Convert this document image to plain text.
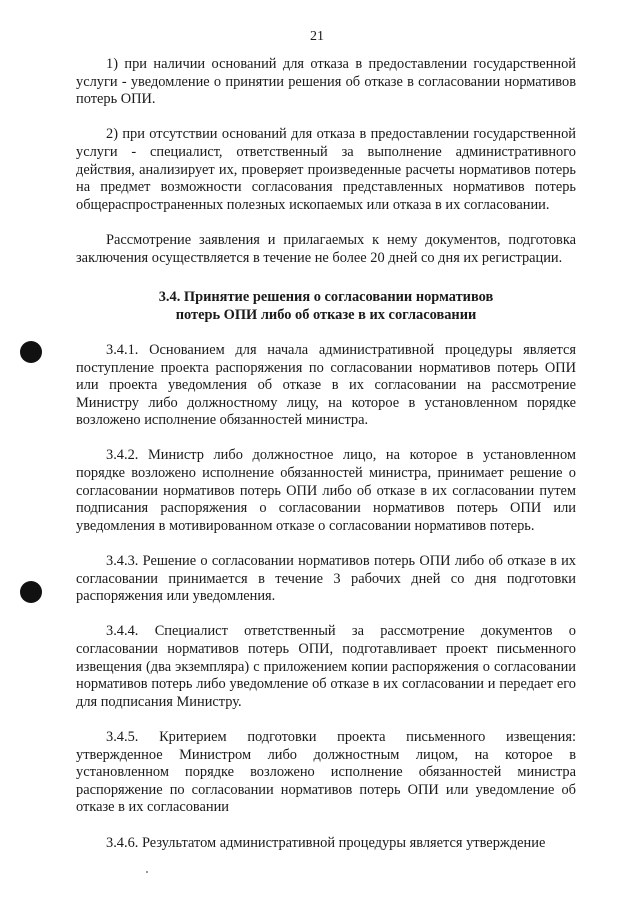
21

1) при наличии оснований для отказа в предоставлении государственной услуги - уведомление о принятии решения об отказе в согласовании нормативов потерь ОПИ.

2) при отсутствии оснований для отказа в предоставлении государственной услуги - специалист, ответственный за выполнение административного действия, анализирует их, проверяет произведенные расчеты нормативов потерь на предмет возможности согласования представленных нормативов потерь общераспространенных полезных ископаемых или отказа в их согласовании.

Рассмотрение заявления и прилагаемых к нему документов, подготовка заключения осуществляется в течение не более 20 дней со дня их регистрации.

3.4. Принятие решения о согласовании нормативов
потерь ОПИ либо об отказе в их согласовании

3.4.1. Основанием для начала административной процедуры является поступление проекта распоряжения по согласовании нормативов потерь ОПИ или проекта уведомления об отказе в их согласовании на рассмотрение Министру либо должностному лицу, на которое в установленном порядке возложено исполнение обязанностей министра.

3.4.2. Министр либо должностное лицо, на которое в установленном порядке возложено исполнение обязанностей министра, принимает решение о согласовании нормативов потерь ОПИ либо об отказе в их согласовании путем подписания распоряжения о согласовании нормативов потерь ОПИ или уведомления в мотивированном отказе о согласовании нормативов потерь.

3.4.3. Решение о согласовании нормативов потерь ОПИ либо об отказе в их согласовании принимается в течение 3 рабочих дней со дня подготовки распоряжения или уведомления.

3.4.4. Специалист ответственный за рассмотрение документов о согласовании нормативов потерь ОПИ, подготавливает проект письменного извещения (два экземпляра) с приложением копии распоряжения о согласовании нормативов потерь либо уведомление об отказе в их согласовании и передает его для подписания Министру.

3.4.5. Критерием подготовки проекта письменного извещения: утвержденное Министром либо должностным лицом, на которое в установленном порядке возложено исполнение обязанностей министра распоряжение по согласовании нормативов потерь ОПИ или уведомление об отказе в их согласовании

3.4.6. Результатом административной процедуры является утверждение
